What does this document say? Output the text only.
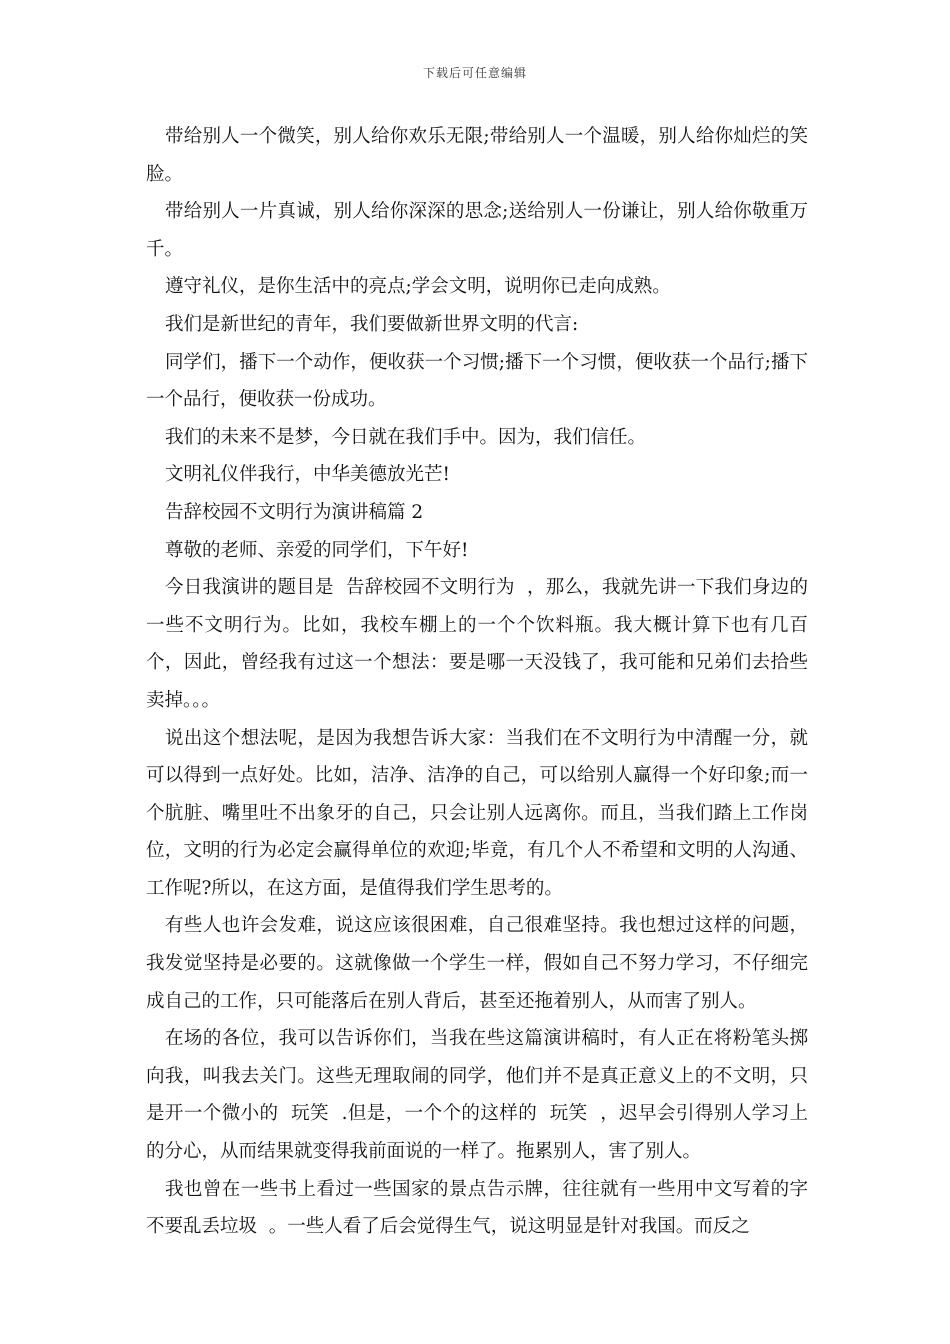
下载后可任意编辑

带给别人一个微笑，别人给你欢乐无限;带给别人一个温暖，别人给你灿烂的笑脸。

带给别人一片真诚，别人给你深深的思念;送给别人一份谦让，别人给你敬重万千。

遵守礼仪，是你生活中的亮点;学会文明，说明你已走向成熟。

我们是新世纪的青年，我们要做新世界文明的代言:

同学们，播下一个动作，便收获一个习惯;播下一个习惯，便收获一个品行;播下一个品行，便收获一份成功。

我们的未来不是梦，今日就在我们手中。因为，我们信任。

文明礼仪伴我行，中华美德放光芒!

告辞校园不文明行为演讲稿篇 2

尊敬的老师、亲爱的同学们，下午好!

今日我演讲的题目是  告辞校园不文明行为  ，那么，我就先讲一下我们身边的一些不文明行为。比如，我校车棚上的一个个饮料瓶。我大概计算下也有几百个，因此，曾经我有过这一个想法：要是哪一天没钱了，我可能和兄弟们去拾些卖掉。。。

说出这个想法呢，是因为我想告诉大家：当我们在不文明行为中清醒一分，就可以得到一点好处。比如，洁净、洁净的自己，可以给别人赢得一个好印象;而一个肮脏、嘴里吐不出象牙的自己，只会让别人远离你。而且，当我们踏上工作岗位，文明的行为必定会赢得单位的欢迎;毕竟，有几个人不希望和文明的人沟通、工作呢?所以，在这方面，是值得我们学生思考的。

有些人也许会发难，说这应该很困难，自己很难坚持。我也想过这样的问题，我发觉坚持是必要的。这就像做一个学生一样，假如自己不努力学习，不仔细完成自己的工作，只可能落后在别人背后，甚至还拖着别人，从而害了别人。

在场的各位，我可以告诉你们，当我在些这篇演讲稿时，有人正在将粉笔头掷向我，叫我去关门。这些无理取闹的同学，他们并不是真正意义上的不文明，只是开一个微小的  玩笑  .但是，一个个的这样的  玩笑  ，迟早会引得别人学习上的分心，从而结果就变得我前面说的一样了。拖累别人，害了别人。

我也曾在一些书上看过一些国家的景点告示牌，往往就有一些用中文写着的字  不要乱丢垃圾  。一些人看了后会觉得生气，说这明显是针对我国。而反之
